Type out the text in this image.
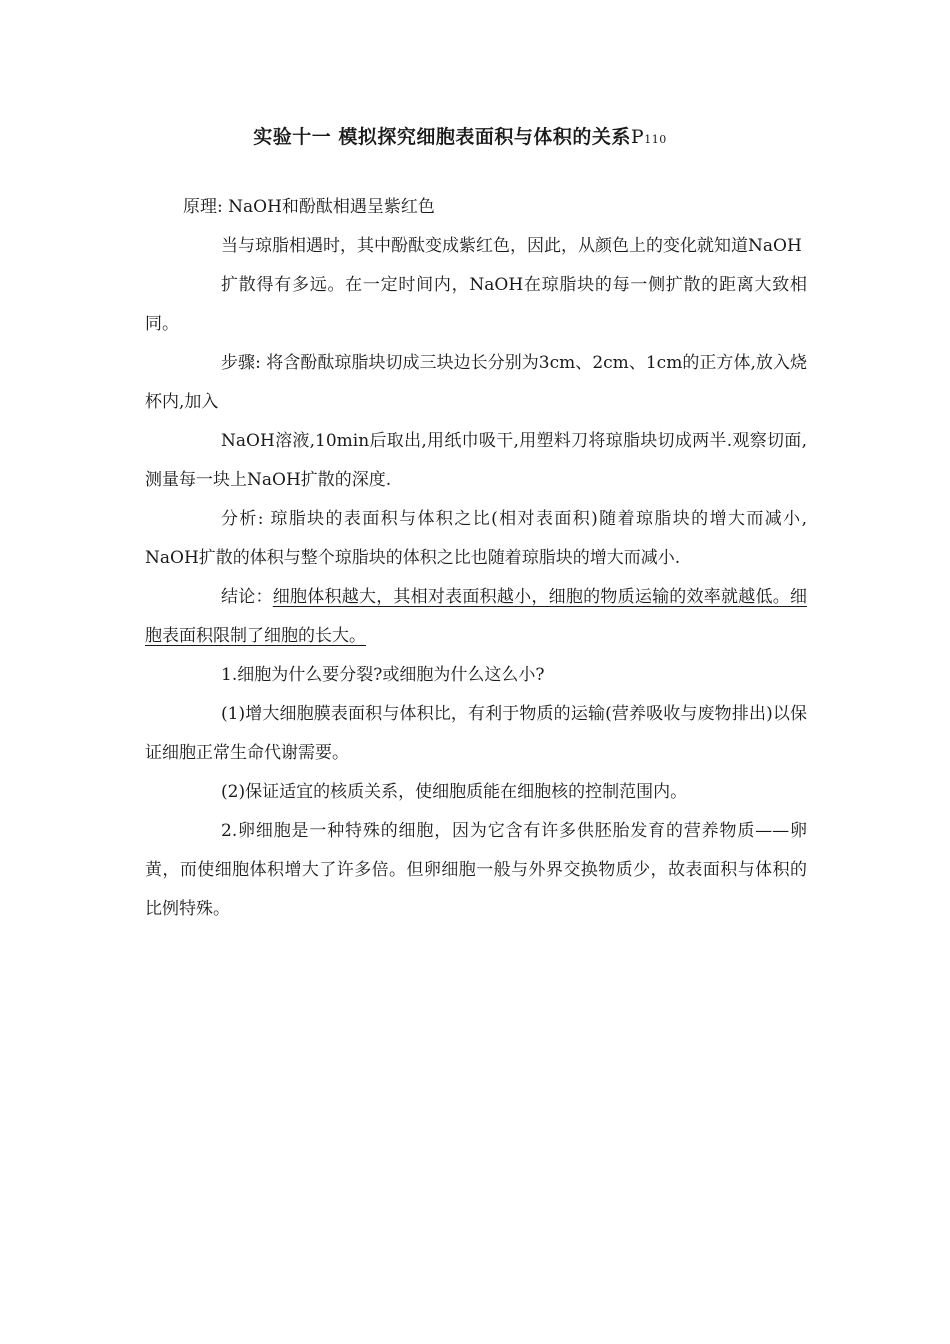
实验十一 模拟探究细胞表面积与体积的关系P110

原理: NaOH和酚酞相遇呈紫红色

当与琼脂相遇时，其中酚酞变成紫红色，因此，从颜色上的变化就知道NaOH

扩散得有多远。在一定时间内，NaOH在琼脂块的每一侧扩散的距离大致相同。

步骤: 将含酚酞琼脂块切成三块边长分别为3cm、2cm、1cm的正方体,放入烧杯内,加入

NaOH溶液,10min后取出,用纸巾吸干,用塑料刀将琼脂块切成两半.观察切面,测量每一块上NaOH扩散的深度.

分析: 琼脂块的表面积与体积之比(相对表面积)随着琼脂块的增大而减小, NaOH扩散的体积与整个琼脂块的体积之比也随着琼脂块的增大而减小.

结论：细胞体积越大，其相对表面积越小，细胞的物质运输的效率就越低。细胞表面积限制了细胞的长大。

1.细胞为什么要分裂?或细胞为什么这么小?

(1)增大细胞膜表面积与体积比，有利于物质的运输(营养吸收与废物排出)以保证细胞正常生命代谢需要。

(2)保证适宜的核质关系，使细胞质能在细胞核的控制范围内。

2.卵细胞是一种特殊的细胞，因为它含有许多供胚胎发育的营养物质——卵黄，而使细胞体积增大了许多倍。但卵细胞一般与外界交换物质少，故表面积与体积的比例特殊。
